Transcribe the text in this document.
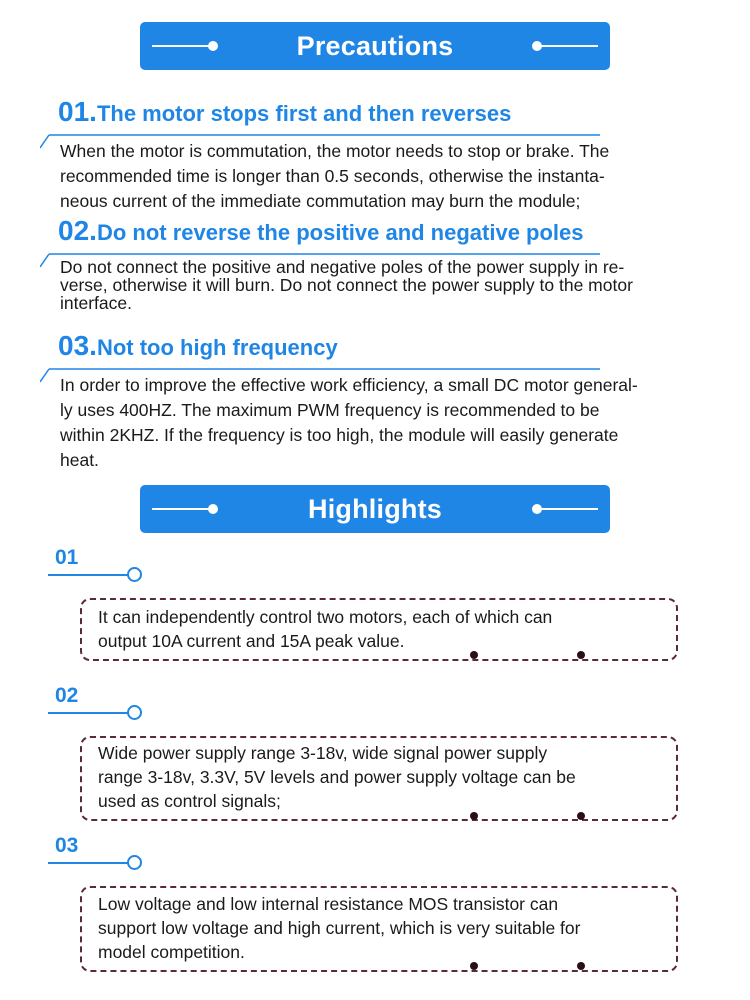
Precautions
01.The motor stops first and then reverses
When the motor is commutation, the motor needs to stop or brake. The
recommended time is longer than 0.5 seconds, otherwise the instanta-
neous current of the immediate commutation may burn the module;
02.Do not reverse the positive and negative poles
Do not connect the positive and negative poles of the power supply in re-
verse, otherwise it will burn. Do not connect the power supply to the motor
interface.
03.Not too high frequency
In order to improve the effective work efficiency, a small DC motor general-
ly uses 400HZ. The maximum PWM frequency is recommended to be
within 2KHZ. If the frequency is too high, the module will easily generate
heat.
Highlights
01
It can independently control two motors, each of which can
output 10A current and 15A peak value.
02
Wide power supply range 3-18v, wide signal power supply
range 3-18v, 3.3V, 5V levels and power supply voltage can be
used as control signals;
03
Low voltage and low internal resistance MOS transistor can
support low voltage and high current, which is very suitable for
model competition.
